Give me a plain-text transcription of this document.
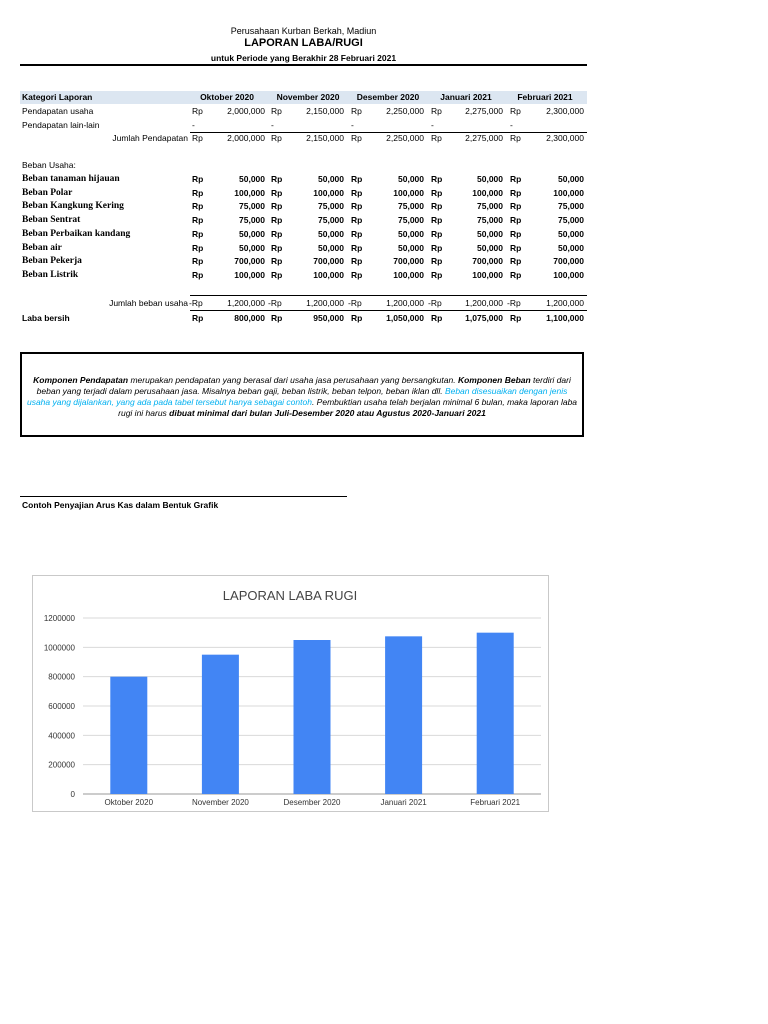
Perusahaan Kurban Berkah, Madiun
LAPORAN LABA/RUGI
untuk Periode yang Berakhir 28 Februari 2021
Kategori Laporan	Oktober 2020	November 2020	Desember 2020	Januari 2021	Februari 2021
Pendapatan usaha	Rp	2,000,000 Rp	2,150,000 Rp	2,250,000 Rp	2,275,000 Rp	2,300,000
Pendapatan lain-lain	-	-	-	-	-
Jumlah Pendapatan Rp	2,000,000 Rp	2,150,000 Rp	2,250,000 Rp	2,275,000 Rp	2,300,000
Beban Usaha:
Beban tanaman hijauan	Rp	50,000 Rp	50,000 Rp	50,000 Rp	50,000 Rp	50,000
Beban Polar	Rp	100,000 Rp	100,000 Rp	100,000 Rp	100,000 Rp	100,000
Beban Kangkung Kering	Rp	75,000 Rp	75,000 Rp	75,000 Rp	75,000 Rp	75,000
Beban Sentrat	Rp	75,000 Rp	75,000 Rp	75,000 Rp	75,000 Rp	75,000
Beban Perbaikan kandang	Rp	50,000 Rp	50,000 Rp	50,000 Rp	50,000 Rp	50,000
Beban air	Rp	50,000 Rp	50,000 Rp	50,000 Rp	50,000 Rp	50,000
Beban Pekerja	Rp	700,000 Rp	700,000 Rp	700,000 Rp	700,000 Rp	700,000
Beban Listrik	Rp	100,000 Rp	100,000 Rp	100,000 Rp	100,000 Rp	100,000
Jumlah beban usaha -Rp	1,200,000 -Rp	1,200,000 -Rp	1,200,000 -Rp	1,200,000 -Rp	1,200,000
Laba bersih	Rp	800,000 Rp	950,000 Rp	1,050,000 Rp	1,075,000 Rp	1,100,000
Komponen Pendapatan merupakan pendapatan yang berasal dari usaha jasa perusahaan yang bersangkutan. Komponen Beban terdiri dari beban yang terjadi dalam perusahaan jasa. Misalnya beban gaji, beban listrik, beban telpon, beban iklan dll. Beban disesuaikan dengan jenis usaha yang dijalankan, yang ada pada tabel tersebut hanya sebagai contoh. Pembuktian usaha telah berjalan minimal 6 bulan, maka laporan laba rugi ini harus dibuat minimal dari bulan Juli-Desember 2020 atau Agustus 2020-Januari 2021
Contoh Penyajian Arus Kas dalam Bentuk Grafik
LAPORAN LABA RUGI
0
200000
400000
600000
800000
1000000
1200000
Oktober 2020	November 2020	Desember 2020	Januari 2021	Februari 2021
